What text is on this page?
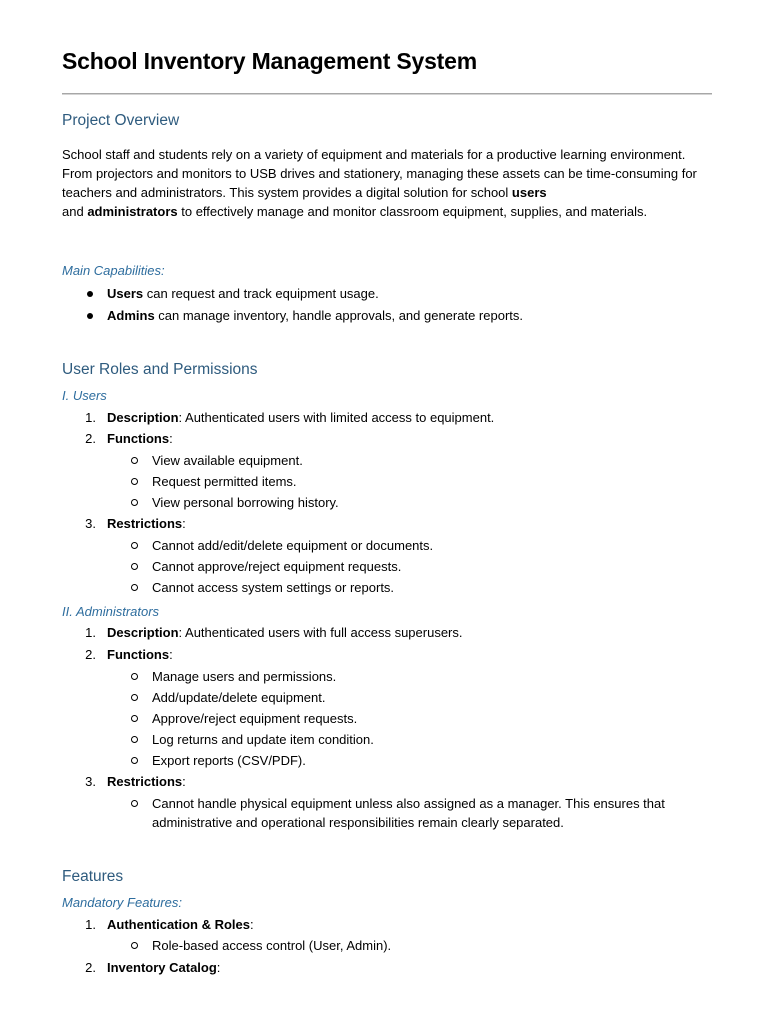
School Inventory Management System
Project Overview

School staff and students rely on a variety of equipment and materials for a productive learning environment. From projectors and monitors to USB drives and stationery, managing these assets can be time-consuming for teachers and administrators. This system provides a digital solution for school users
and administrators to effectively manage and monitor classroom equipment, supplies, and materials.

Main Capabilities:
Users can request and track equipment usage.
Admins can manage inventory, handle approvals, and generate reports.
User Roles and Permissions
I. Users
1. Description: Authenticated users with limited access to equipment.
2. Functions:
View available equipment.
Request permitted items.
View personal borrowing history.
3. Restrictions:
Cannot add/edit/delete equipment or documents.
Cannot approve/reject equipment requests.
Cannot access system settings or reports.
II. Administrators
1. Description: Authenticated users with full access superusers.
2. Functions:
Manage users and permissions.
Add/update/delete equipment.
Approve/reject equipment requests.
Log returns and update item condition.
Export reports (CSV/PDF).
3. Restrictions:
Cannot handle physical equipment unless also assigned as a manager. This ensures that
administrative and operational responsibilities remain clearly separated.
Features
Mandatory Features:
1. Authentication & Roles:
Role-based access control (User, Admin).
2. Inventory Catalog:
